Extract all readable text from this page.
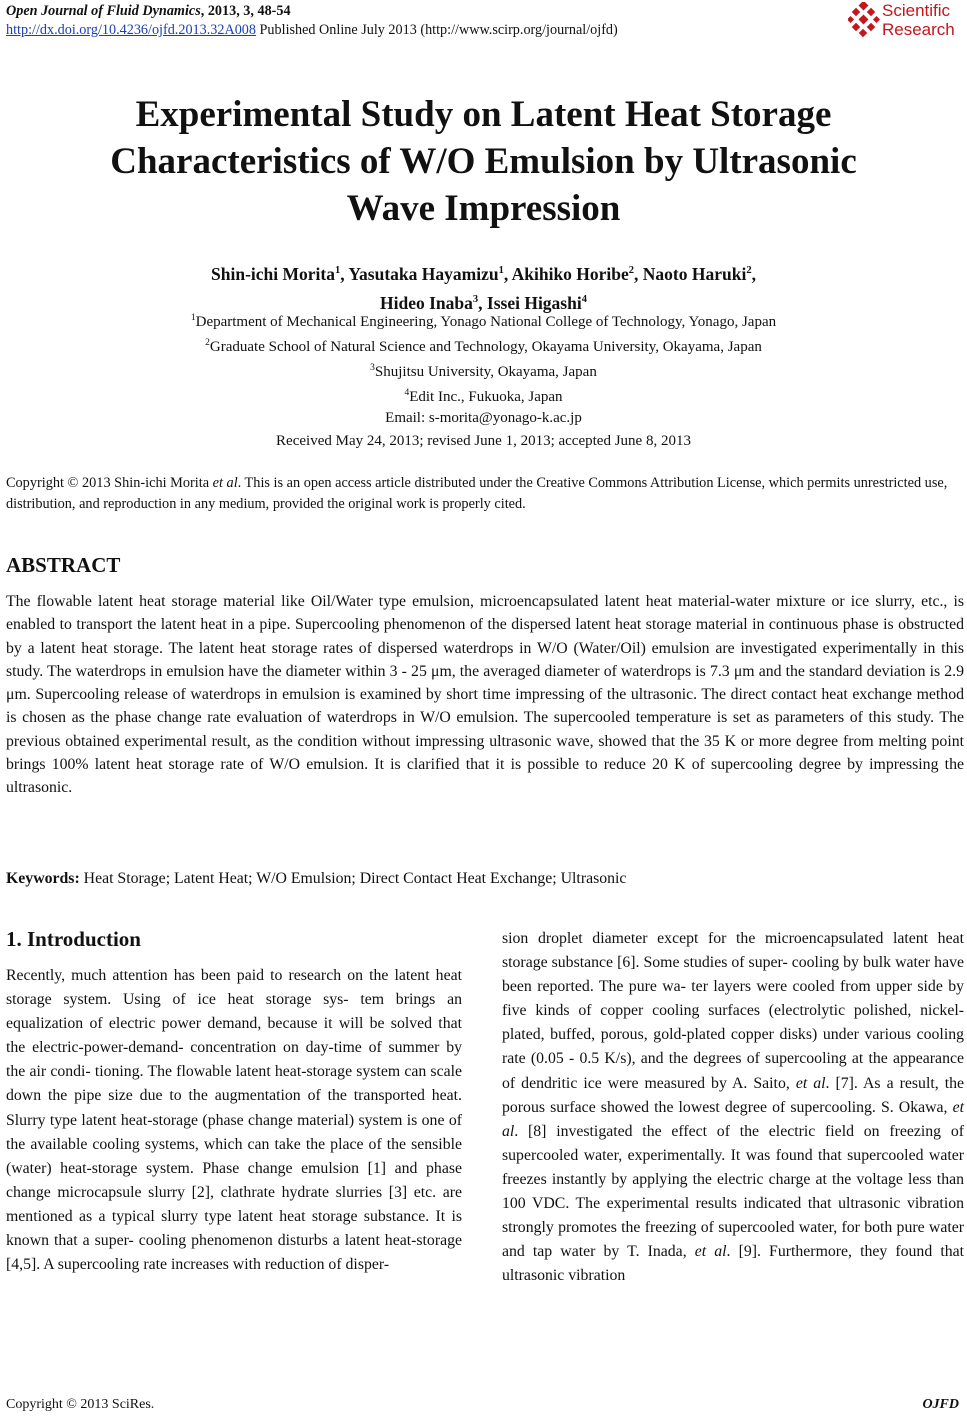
Open Journal of Fluid Dynamics, 2013, 3, 48-54
http://dx.doi.org/10.4236/ojfd.2013.32A008 Published Online July 2013 (http://www.scirp.org/journal/ojfd)
Scientific
Research
Experimental Study on Latent Heat Storage
Characteristics of W/O Emulsion by Ultrasonic
Wave Impression
Shin-ichi Morita$^1$, Yasutaka Hayamizu$^1$, Akihiko Horibe$^2$, Naoto Haruki$^2$,
Hideo Inaba$^3$, Issei Higashi$^4$
$^1$Department of Mechanical Engineering, Yonago National College of Technology, Yonago, Japan
$^2$Graduate School of Natural Science and Technology, Okayama University, Okayama, Japan
$^3$Shujitsu University, Okayama, Japan
$^4$Edit Inc., Fukuoka, Japan
Email: s-morita@yonago-k.ac.jp
Received May 24, 2013; revised June 1, 2013; accepted June 8, 2013
Copyright © 2013 Shin-ichi Morita et al. This is an open access article distributed under the Creative Commons Attribution License, which permits unrestricted use, distribution, and reproduction in any medium, provided the original work is properly cited.
ABSTRACT
The flowable latent heat storage material like Oil/Water type emulsion, microencapsulated latent heat material-water mixture or ice slurry, etc., is enabled to transport the latent heat in a pipe. Supercooling phenomenon of the dispersed latent heat storage material in continuous phase is obstructed by a latent heat storage. The latent heat storage rates of dispersed waterdrops in W/O (Water/Oil) emulsion are investigated experimentally in this study. The waterdrops in emulsion have the diameter within 3 - 25 μm, the averaged diameter of waterdrops is 7.3 μm and the standard deviation is 2.9 μm. Supercooling release of waterdrops in emulsion is examined by short time impressing of the ultrasonic. The direct contact heat exchange method is chosen as the phase change rate evaluation of waterdrops in W/O emulsion. The supercooled temperature is set as parameters of this study. The previous obtained experimental result, as the condition without impressing ultrasonic wave, showed that the 35 K or more degree from melting point brings 100% latent heat storage rate of W/O emulsion. It is clarified that it is possible to reduce 20 K of supercooling degree by impressing the ultrasonic.
Keywords: Heat Storage; Latent Heat; W/O Emulsion; Direct Contact Heat Exchange; Ultrasonic
1. Introduction
Recently, much attention has been paid to research on the latent heat storage system. Using of ice heat storage sys- tem brings an equalization of electric power demand, because it will be solved that the electric-power-demand- concentration on day-time of summer by the air condi- tioning. The flowable latent heat-storage system can scale down the pipe size due to the augmentation of the transported heat. Slurry type latent heat-storage (phase change material) system is one of the available cooling systems, which can take the place of the sensible (water) heat-storage system. Phase change emulsion [1] and phase change microcapsule slurry [2], clathrate hydrate slurries [3] etc. are mentioned as a typical slurry type latent heat storage substance. It is known that a super- cooling phenomenon disturbs a latent heat-storage [4,5]. A supercooling rate increases with reduction of disper-
sion droplet diameter except for the microencapsulated latent heat storage substance [6]. Some studies of super- cooling by bulk water have been reported. The pure wa- ter layers were cooled from upper side by five kinds of copper cooling surfaces (electrolytic polished, nickel- plated, buffed, porous, gold-plated copper disks) under various cooling rate (0.05 - 0.5 K/s), and the degrees of supercooling at the appearance of dendritic ice were measured by A. Saito, et al. [7]. As a result, the porous surface showed the lowest degree of supercooling. S. Okawa, et al. [8] investigated the effect of the electric field on freezing of supercooled water, experimentally. It was found that supercooled water freezes instantly by applying the electric charge at the voltage less than 100 VDC. The experimental results indicated that ultrasonic vibration strongly promotes the freezing of supercooled water, for both pure water and tap water by T. Inada, et al. [9]. Furthermore, they found that ultrasonic vibration
Copyright © 2013 SciRes.	OJFD
